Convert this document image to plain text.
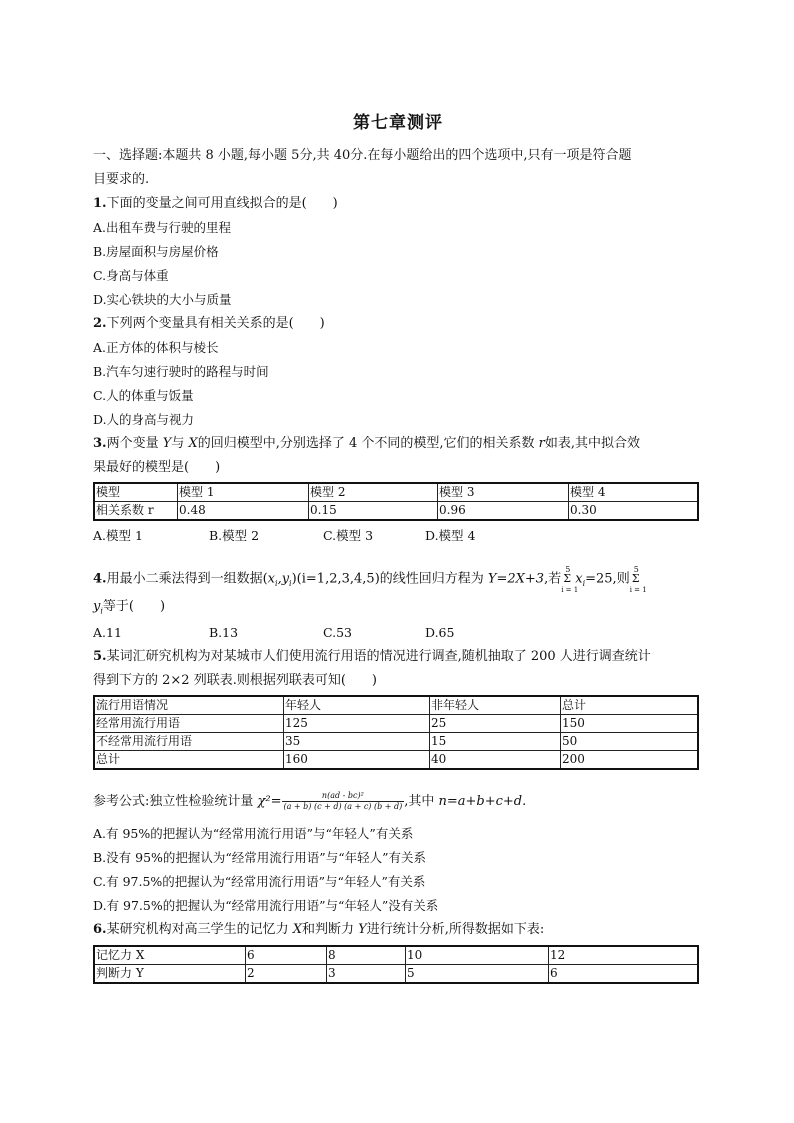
第七章测评
一、选择题:本题共 8 小题,每小题 5分,共 40分.在每小题给出的四个选项中,只有一项是符合题
目要求的.
1.下面的变量之间可用直线拟合的是(　　)
A.出租车费与行驶的里程
B.房屋面积与房屋价格
C.身高与体重
D.实心铁块的大小与质量
2.下列两个变量具有相关关系的是(　　)
A.正方体的体积与棱长
B.汽车匀速行驶时的路程与时间
C.人的体重与饭量
D.人的身高与视力
3.两个变量 Y与 X的回归模型中,分别选择了 4 个不同的模型,它们的相关系数 r如表,其中拟合效
果最好的模型是(　　)
模型	模型 1	模型 2	模型 3	模型 4
相关系数 r	0.48	0.15	0.96	0.30
A.模型 1	B.模型 2	C.模型 3	D.模型 4
4.用最小二乘法得到一组数据$(x_i,y_i)(i=1,2,3,4,5)$的线性回归方程为 Y=2X+3,若
5
Σ
i = 1
$x_i=25$,则
5
Σ
i = 1
$y_i$等于(　　)
A.11	B.13	C.53	D.65
5.某词汇研究机构为对某城市人们使用流行用语的情况进行调查,随机抽取了 200 人进行调查统计
得到下方的 2×2 列联表.则根据列联表可知(　　)
流行用语情况	年轻人	非年轻人	总计
经常用流行用语	125	25	150
不经常用流行用语	35	15	50
总计	160	40	200
参考公式:独立性检验统计量 $\chi^2= \frac{\text{n(ad - bc)²}}{(a + b) (c + d) (a + c) (b + d)}$ ,其中 n=a+b+c+d.
A.有 95%的把握认为“经常用流行用语”与“年轻人”有关系
B.没有 95%的把握认为“经常用流行用语”与“年轻人”有关系
C.有 97.5%的把握认为“经常用流行用语”与“年轻人”有关系
D.有 97.5%的把握认为“经常用流行用语”与“年轻人”没有关系
6.某研究机构对高三学生的记忆力 X和判断力 Y进行统计分析,所得数据如下表:
记忆力 X	6	8	10	12
判断力 Y	2	3	5	6
